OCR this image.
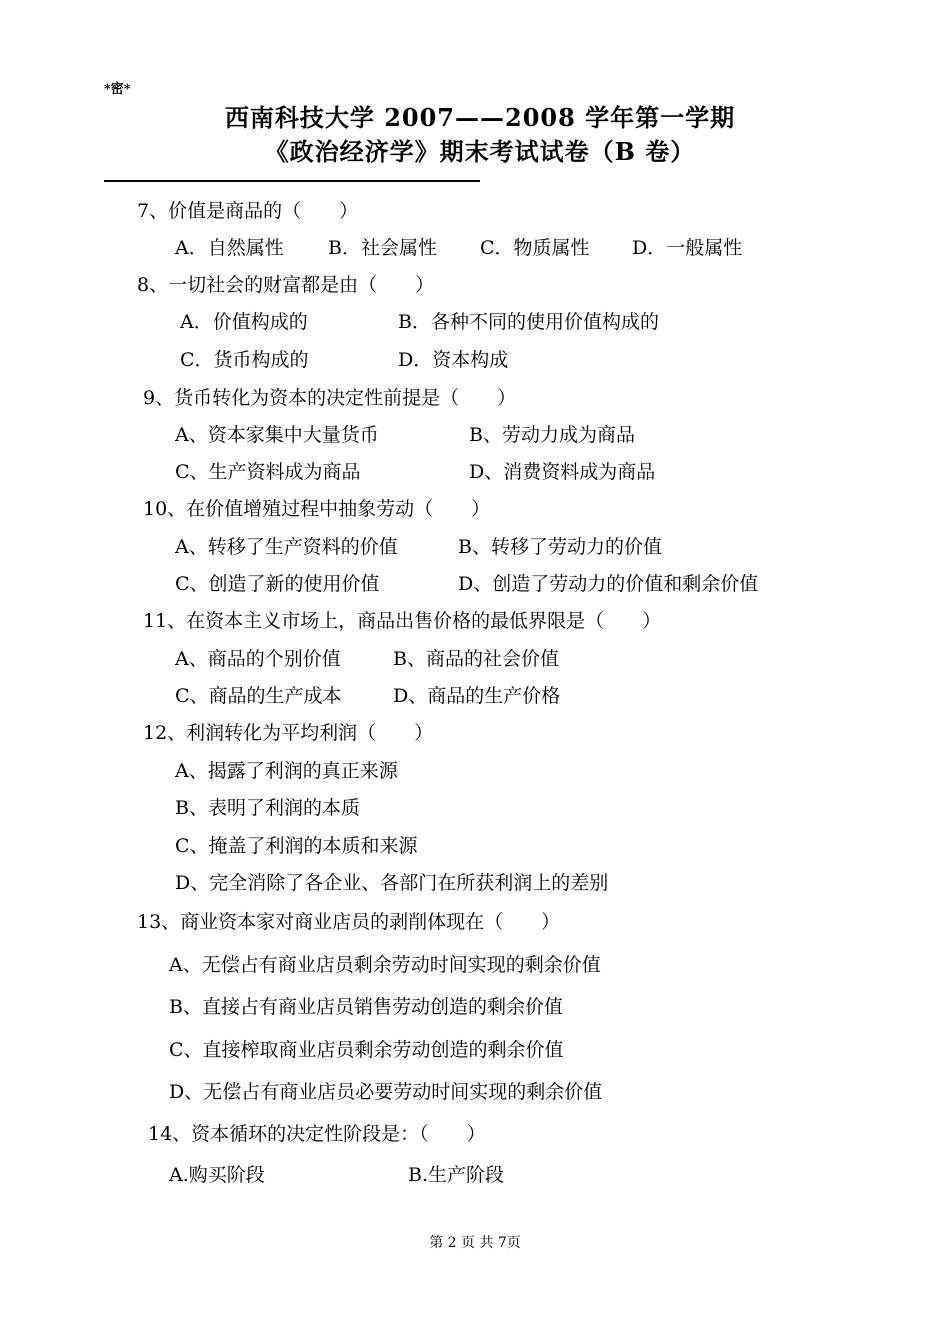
*密*
西南科技大学 2007——2008 学年第一学期
《政治经济学》期末考试试卷（B 卷）
7、价值是商品的（　　）
A．自然属性 B．社会属性 C．物质属性 D．一般属性
8、一切社会的财富都是由（　　）
A．价值构成的	B．各种不同的使用价值构成的
C．货币构成的	D．资本构成
9、货币转化为资本的决定性前提是（　　）
A、资本家集中大量货币	B、劳动力成为商品
C、生产资料成为商品	D、消费资料成为商品
10、在价值增殖过程中抽象劳动（　　）
A、转移了生产资料的价值	B、转移了劳动力的价值
C、创造了新的使用价值	D、创造了劳动力的价值和剩余价值
11、在资本主义市场上，商品出售价格的最低界限是（　　）
A、商品的个别价值	B、商品的社会价值
C、商品的生产成本	D、商品的生产价格
12、利润转化为平均利润（　　）
A、揭露了利润的真正来源
B、表明了利润的本质
C、掩盖了利润的本质和来源
D、完全消除了各企业、各部门在所获利润上的差别
13、商业资本家对商业店员的剥削体现在（　　）
A、无偿占有商业店员剩余劳动时间实现的剩余价值
B、直接占有商业店员销售劳动创造的剩余价值
C、直接榨取商业店员剩余劳动创造的剩余价值
D、无偿占有商业店员必要劳动时间实现的剩余价值
14、资本循环的决定性阶段是：（　　）
A.购买阶段	B.生产阶段
第 2 页 共 7页
